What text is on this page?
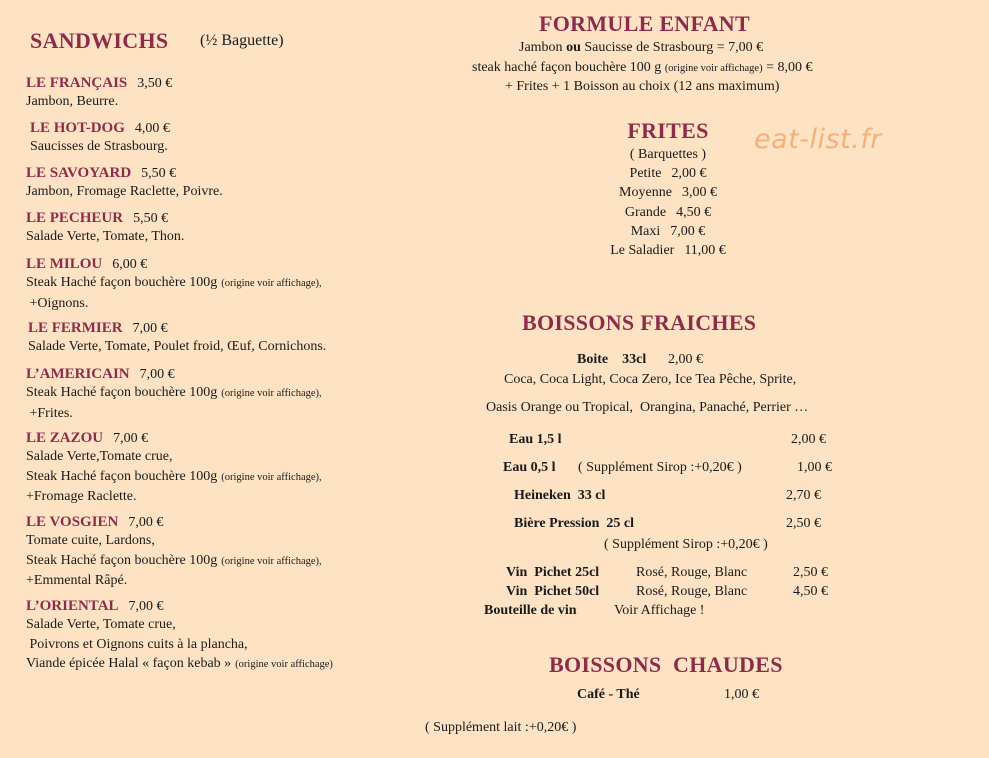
SANDWICHS (½ Baguette)
LE FRANÇAIS 3,50 €
Jambon, Beurre.
LE HOT-DOG 4,00 €
Saucisses de Strasbourg.
LE SAVOYARD 5,50 €
Jambon, Fromage Raclette, Poivre.
LE PECHEUR 5,50 €
Salade Verte, Tomate, Thon.
LE MILOU 6,00 €
Steak Haché façon bouchère 100g (origine voir affichage),
+Oignons.
LE FERMIER 7,00 €
Salade Verte, Tomate, Poulet froid, Œuf, Cornichons.
L’AMERICAIN 7,00 €
Steak Haché façon bouchère 100g (origine voir affichage),
+Frites.
LE ZAZOU 7,00 €
Salade Verte,Tomate crue,
Steak Haché façon bouchère 100g (origine voir affichage),
+Fromage Raclette.
LE VOSGIEN 7,00 €
Tomate cuite, Lardons,
Steak Haché façon bouchère 100g (origine voir affichage),
+Emmental Râpé.
L’ORIENTAL 7,00 €
Salade Verte, Tomate crue,
Poivrons et Oignons cuits à la plancha,
Viande épicée Halal « façon kebab » (origine voir affichage)
FORMULE ENFANT
Jambon ou Saucisse de Strasbourg = 7,00 €
steak haché façon bouchère 100 g (origine voir affichage) = 8,00 €
+ Frites + 1 Boisson au choix (12 ans maximum)
FRITES
( Barquettes )
Petite 2,00 €
Moyenne 3,00 €
Grande 4,50 €
Maxi 7,00 €
Le Saladier 11,00 €
eat-list.fr
BOISSONS FRAICHES
Boite    33cl 2,00 €
Coca, Coca Light, Coca Zero, Ice Tea Pêche, Sprite,
Oasis Orange ou Tropical,  Orangina, Panaché, Perrier …
Eau 1,5 l	2,00 €
Eau 0,5 l ( Supplément Sirop :+0,20€ )	1,00 €
Heineken  33 cl	2,70 €
Bière Pression  25 cl	2,50 €
( Supplément Sirop :+0,20€ )
Vin  Pichet 25cl	Rosé, Rouge, Blanc	2,50 €
Vin  Pichet 50cl	Rosé, Rouge, Blanc	4,50 €
Bouteille de vin	Voir Affichage !
BOISSONS  CHAUDES
Café - Thé	1,00 €
( Supplément lait :+0,20€ )
